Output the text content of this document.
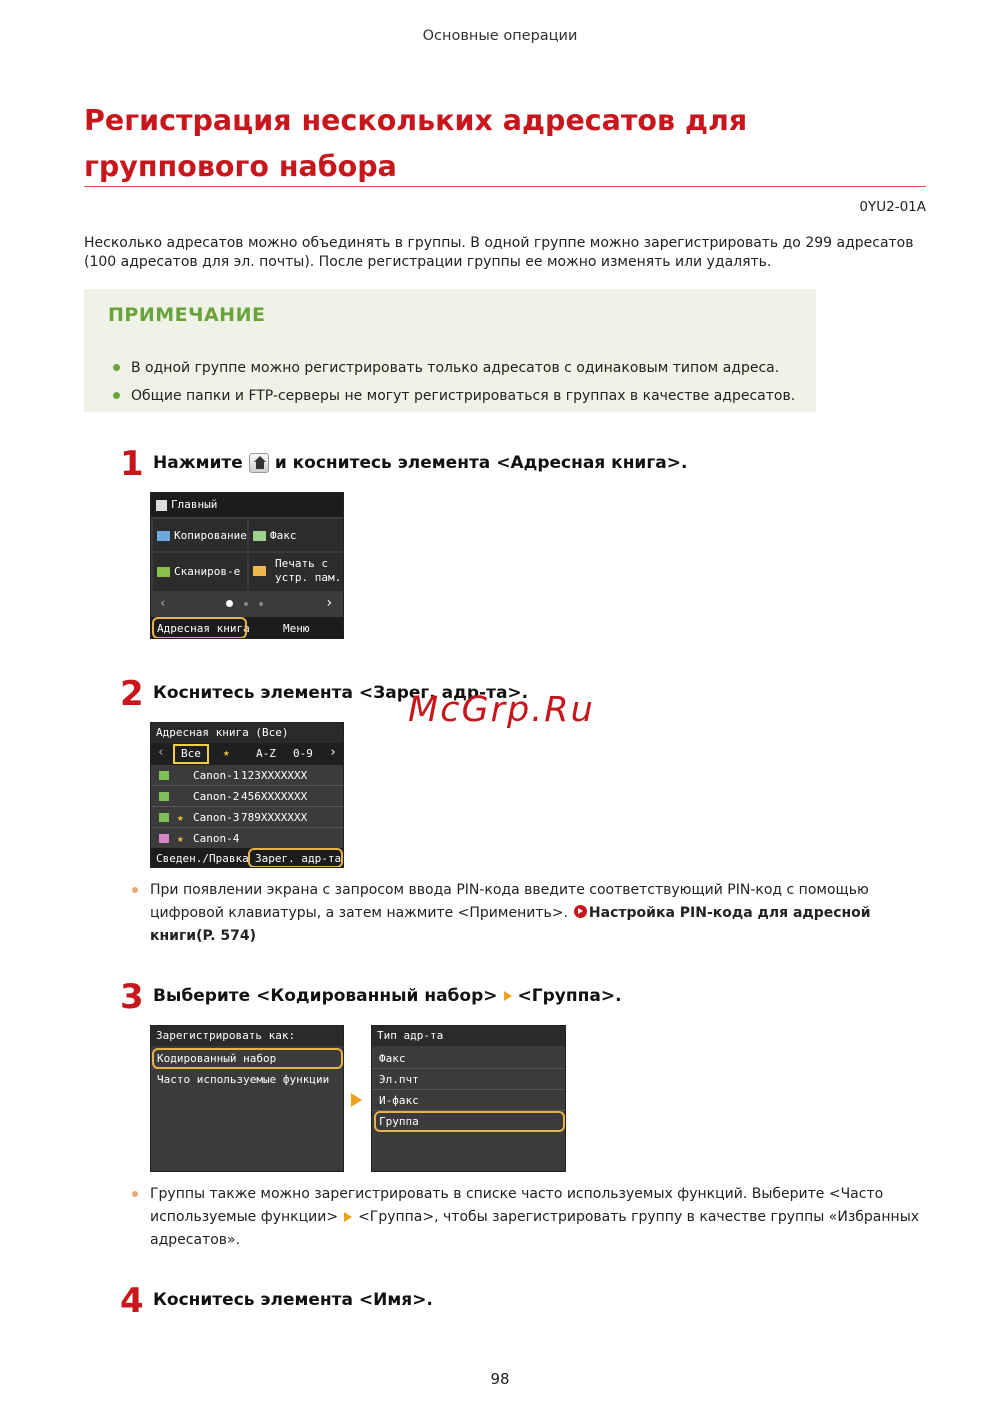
Основные операции
Регистрация нескольких адресатов для группового набора
0YU2-01A

Несколько адресатов можно объединять в группы. В одной группе можно зарегистрировать до 299 адресатов (100 адресатов для эл. почты). После регистрации группы ее можно изменять или удалять.

ПРИМЕЧАНИЕ
В одной группе можно регистрировать только адресатов с одинаковым типом адреса.
Общие папки и FTP-серверы не могут регистрироваться в группах в качестве адресатов.
1 Нажмите и коснитесь элемента <Адресная книга>.
Главный
Копирование	Факс
Сканиров-е
Печать с
устр. пам.
‹	›
Адресная книга	Меню
2 Коснитесь элемента <Зарег. адр-та>.
Адресная книга (Все)
‹ Все ★ A-Z 0-9 ›
Canon-1 123XXXXXXX
Canon-2 456XXXXXXX
★ Canon-3 789XXXXXXX
★ Canon-4
Сведен./Правка Зарег. адр-та
McGrp.Ru
При появлении экрана с запросом ввода PIN-кода введите соответствующий PIN-код с помощью цифровой клавиатуры, а затем нажмите <Применить>. Настройка PIN-кода для адресной книги(P. 574)
3 Выберите <Кодированный набор> <Группа>.
Зарегистрировать как:
Кодированный набор
Часто используемые функции
Тип адр-та
Факс
Эл.пчт
И-факс
Группа
Группы также можно зарегистрировать в списке часто используемых функций. Выберите <Часто используемые функции> <Группа>, чтобы зарегистрировать группу в качестве группы «Избранных адресатов».
4 Коснитесь элемента <Имя>.
98
